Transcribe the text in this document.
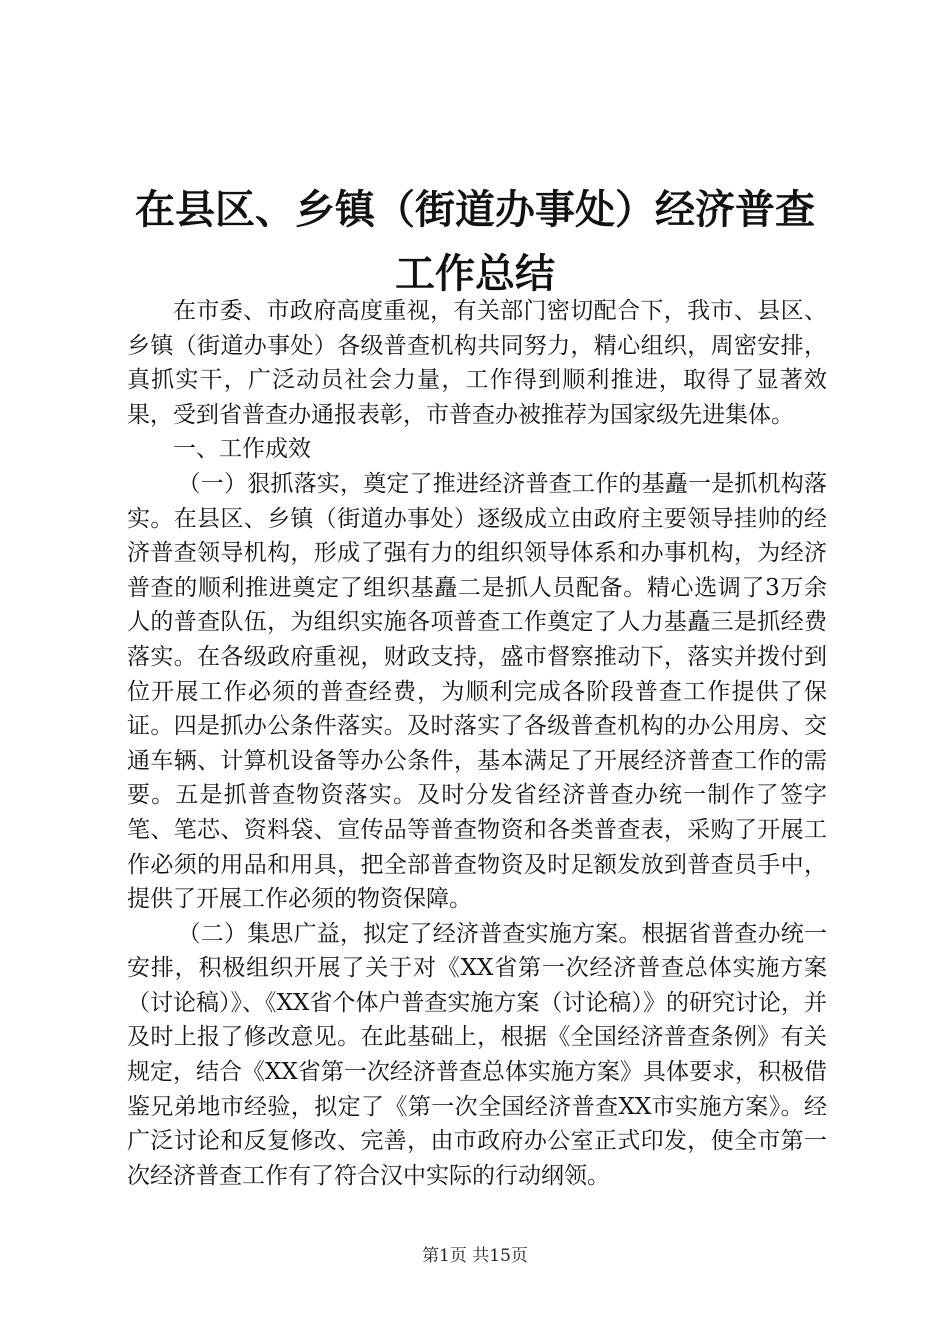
在县区、乡镇（街道办事处）经济普查工作总结

在市委、市政府高度重视，有关部门密切配合下，我市、县区、乡镇（街道办事处）各级普查机构共同努力，精心组织，周密安排，真抓实干，广泛动员社会力量，工作得到顺利推进，取得了显著效果，受到省普查办通报表彰，市普查办被推荐为国家级先进集体。

一、工作成效

（一）狠抓落实，奠定了推进经济普查工作的基矗一是抓机构落实。在县区、乡镇（街道办事处）逐级成立由政府主要领导挂帅的经济普查领导机构，形成了强有力的组织领导体系和办事机构，为经济普查的顺利推进奠定了组织基矗二是抓人员配备。精心选调了3万余人的普查队伍，为组织实施各项普查工作奠定了人力基矗三是抓经费落实。在各级政府重视，财政支持，盛市督察推动下，落实并拨付到位开展工作必须的普查经费，为顺利完成各阶段普查工作提供了保证。四是抓办公条件落实。及时落实了各级普查机构的办公用房、交通车辆、计算机设备等办公条件，基本满足了开展经济普查工作的需要。五是抓普查物资落实。及时分发省经济普查办统一制作了签字笔、笔芯、资料袋、宣传品等普查物资和各类普查表，采购了开展工作必须的用品和用具，把全部普查物资及时足额发放到普查员手中，提供了开展工作必须的物资保障。

（二）集思广益，拟定了经济普查实施方案。根据省普查办统一安排，积极组织开展了关于对《XX省第一次经济普查总体实施方案（讨论稿）》、《XX省个体户普查实施方案（讨论稿）》的研究讨论，并及时上报了修改意见。在此基础上，根据《全国经济普查条例》有关规定，结合《XX省第一次经济普查总体实施方案》具体要求，积极借鉴兄弟地市经验，拟定了《第一次全国经济普查XX市实施方案》。经广泛讨论和反复修改、完善，由市政府办公室正式印发，使全市第一次经济普查工作有了符合汉中实际的行动纲领。

第1页 共15页
